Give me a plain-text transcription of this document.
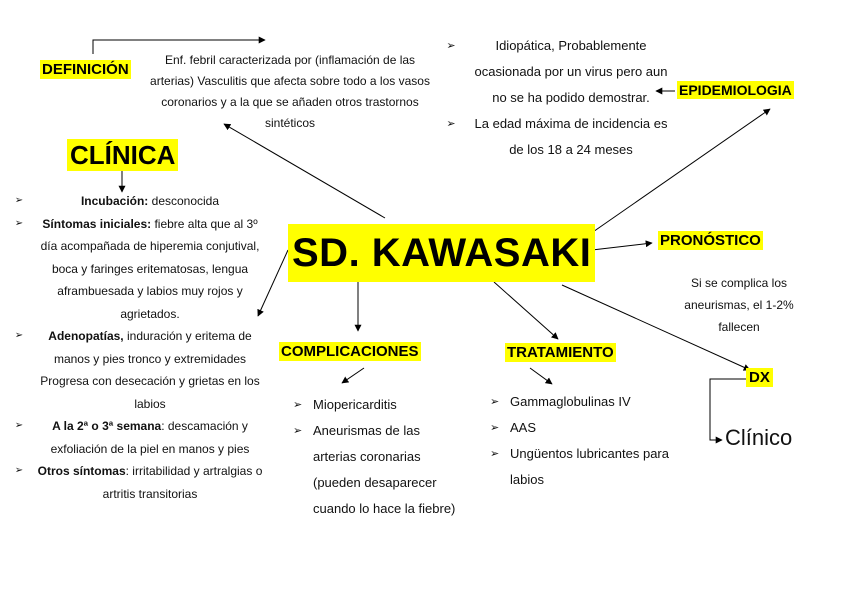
SD. KAWASAKI
DEFINICIÓN
Enf. febril caracterizada por (inflamación de las arterias) Vasculitis que afecta sobre todo a los vasos coronarios y a la que se añaden otros trastornos sintéticos
EPIDEMIOLOGIA
➢	Idiopática, Probablemente ocasionada por un virus pero aun no se ha podido demostrar.
➢	La edad máxima de incidencia es de los 18 a 24 meses
CLÍNICA
➢	Incubación: desconocida
➢	Síntomas iniciales: fiebre alta que al 3º día acompañada de hiperemia conjutival, boca y faringes eritematosas, lengua aframbuesada y labios muy rojos y agrietados.
➢	Adenopatías, induración y eritema de manos y pies tronco y extremidades Progresa con desecación y grietas en los labios
➢	A la 2ª o 3ª semana: descamación y exfoliación de la piel en manos y pies
➢	Otros síntomas: irritabilidad y artralgias o artritis transitorias
PRONÓSTICO
Si se complica los aneurismas, el 1-2% fallecen
COMPLICACIONES
➢ Miopericarditis
➢ Aneurismas de las arterias coronarias (pueden desaparecer cuando lo hace la fiebre)
TRATAMIENTO
➢ Gammaglobulinas IV
➢ AAS
➢ Ungüentos lubricantes para labios
DX
Clínico
